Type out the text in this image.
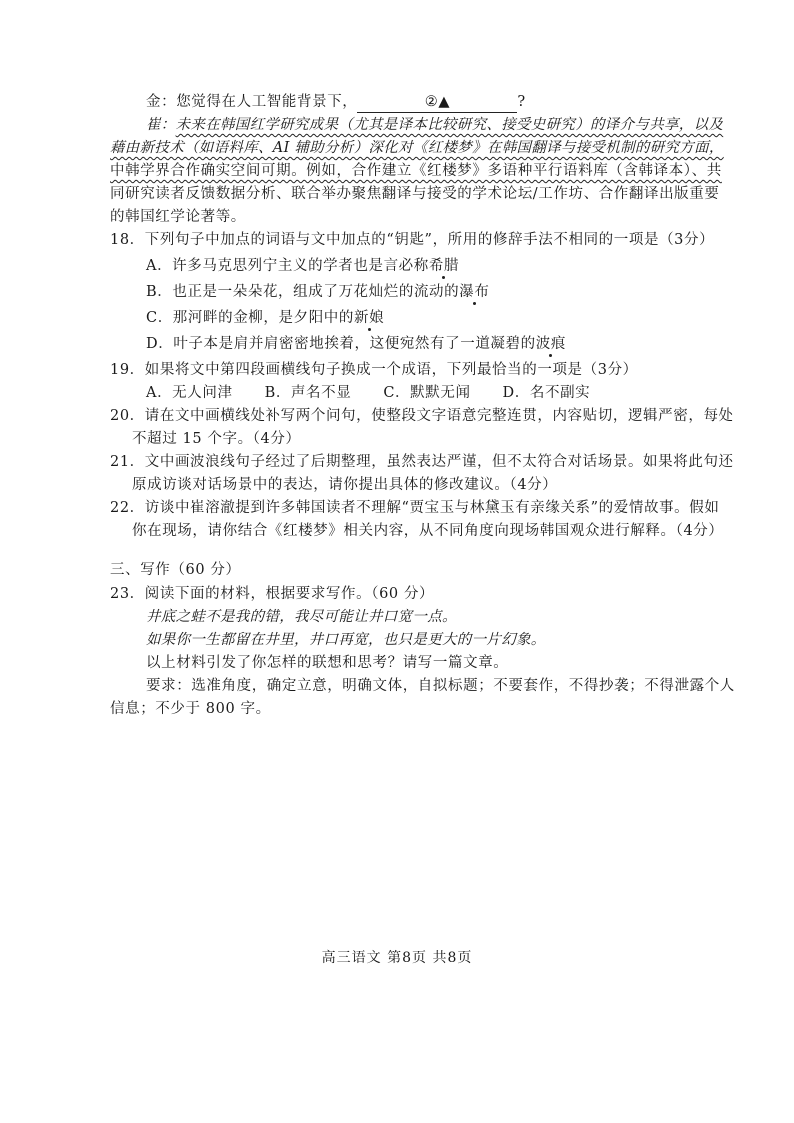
金：您觉得在人工智能背景下，	②▲	?
崔：未来在韩国红学研究成果（尤其是译本比较研究、接受史研究）的译介与共享，以及
藉由新技术（如语料库、AI 辅助分析）深化对《红楼梦》在韩国翻译与接受机制的研究方面，
中韩学界合作确实空间可期。例如，合作建立《红楼梦》多语种平行语料库（含韩译本）、共
同研究读者反馈数据分析、联合举办聚焦翻译与接受的学术论坛/工作坊、合作翻译出版重要
的韩国红学论著等。
18．下列句子中加点的词语与文中加点的“钥匙”，所用的修辞手法不相同的一项是（3分）
A．许多马克思列宁主义的学者也是言必称希腊
B．也正是一朵朵花，组成了万花灿烂的流动的瀑布
C．那河畔的金柳，是夕阳中的新娘
D．叶子本是肩并肩密密地挨着，这便宛然有了一道凝碧的波痕
19．如果将文中第四段画横线句子换成一个成语，下列最恰当的一项是（3分）
A．无人问津 B．声名不显 C．默默无闻 D．名不副实
20．请在文中画横线处补写两个问句，使整段文字语意完整连贯，内容贴切，逻辑严密，每处
不超过 15 个字。（4分）
21．文中画波浪线句子经过了后期整理，虽然表达严谨，但不太符合对话场景。如果将此句还
原成访谈对话场景中的表达，请你提出具体的修改建议。（4分）
22．访谈中崔溶澈提到许多韩国读者不理解“贾宝玉与林黛玉有亲缘关系”的爱情故事。假如
你在现场，请你结合《红楼梦》相关内容，从不同角度向现场韩国观众进行解释。（4分）
三、写作（60 分）
23．阅读下面的材料，根据要求写作。（60 分）
井底之蛙不是我的错，我尽可能让井口宽一点。
如果你一生都留在井里，井口再宽，也只是更大的一片幻象。
以上材料引发了你怎样的联想和思考？请写一篇文章。
要求：选准角度，确定立意，明确文体，自拟标题；不要套作，不得抄袭；不得泄露个人
信息；不少于 800 字。
高三语文 第8页 共8页
